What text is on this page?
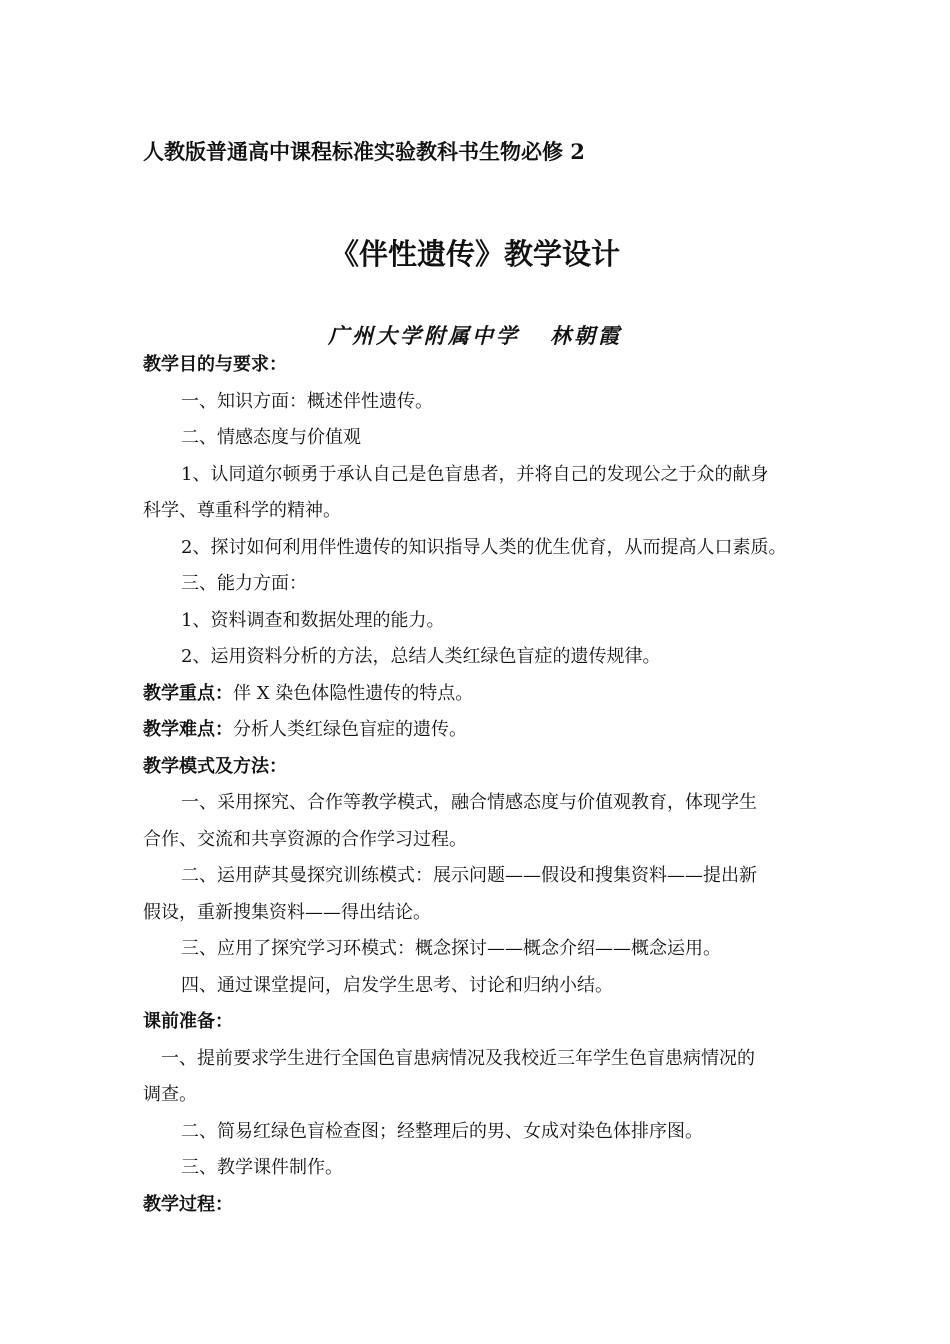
人教版普通高中课程标准实验教科书生物必修 2
《伴性遗传》教学设计
广州大学附属中学 林朝霞
教学目的与要求：
一、知识方面：概述伴性遗传。
二、情感态度与价值观
1、认同道尔顿勇于承认自己是色盲患者，并将自己的发现公之于众的献身
科学、尊重科学的精神。
2、探讨如何利用伴性遗传的知识指导人类的优生优育，从而提高人口素质。
三、能力方面：
1、资料调查和数据处理的能力。
2、运用资料分析的方法，总结人类红绿色盲症的遗传规律。
教学重点：伴 X 染色体隐性遗传的特点。
教学难点：分析人类红绿色盲症的遗传。
教学模式及方法：
一、采用探究、合作等教学模式，融合情感态度与价值观教育，体现学生
合作、交流和共享资源的合作学习过程。
二、运用萨其曼探究训练模式：展示问题——假设和搜集资料——提出新
假设，重新搜集资料——得出结论。
三、应用了探究学习环模式：概念探讨——概念介绍——概念运用。
四、通过课堂提问，启发学生思考、讨论和归纳小结。
课前准备：
一、提前要求学生进行全国色盲患病情况及我校近三年学生色盲患病情况的
调查。
二、简易红绿色盲检查图；经整理后的男、女成对染色体排序图。
三、教学课件制作。
教学过程：
